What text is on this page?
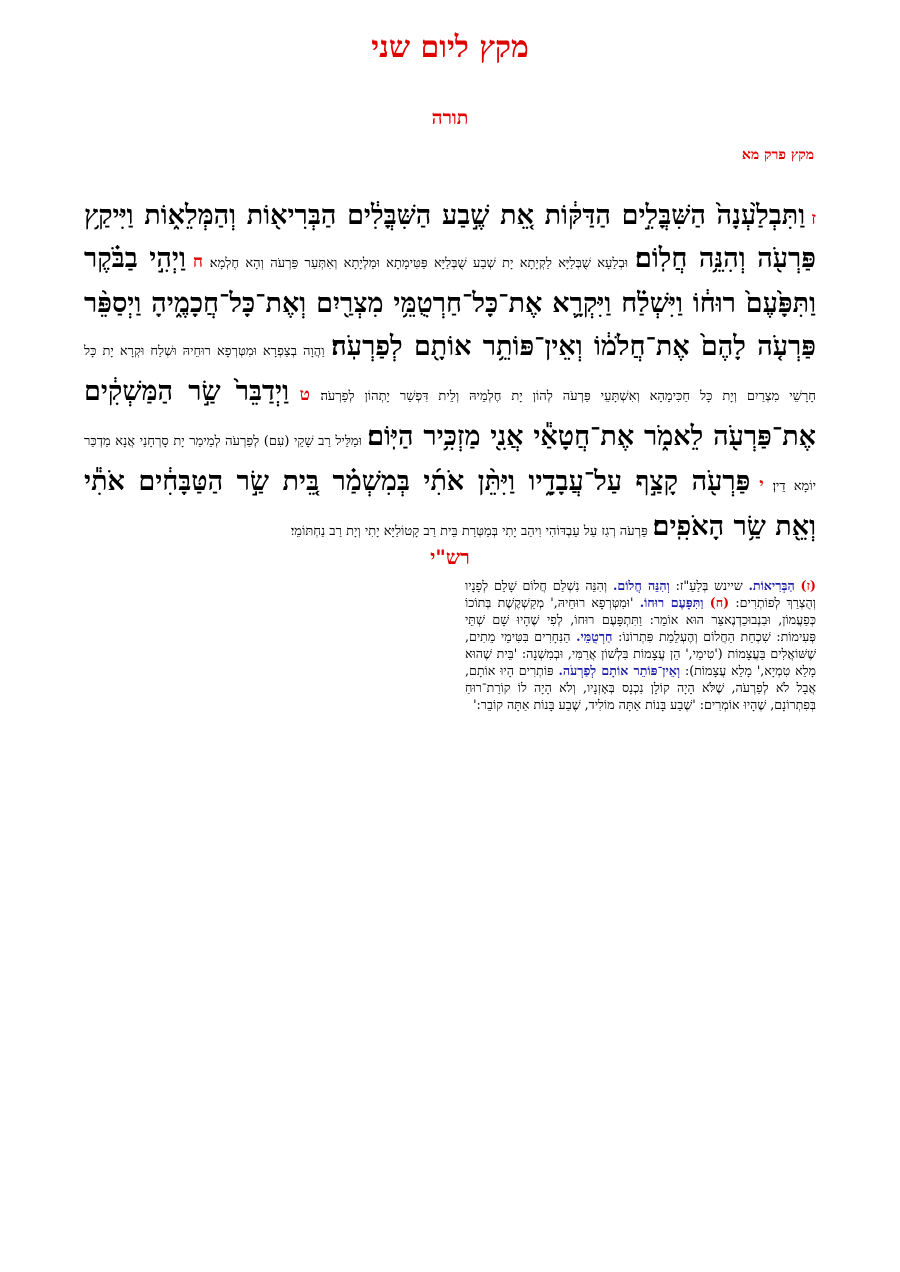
מקץ ליום שני
תורה
מקץ פרק מא
ז וַתִּבְלַ֙עְנָה֙ הַשִּׁבֳּלִ֣ים הַדַּקּ֔וֹת אֵ֚ת שֶׁ֣בַע הַשִּׁבֳּלִ֔ים הַבְּרִיא֖וֹת וְהַמְּלֵא֑וֹת וַיִּיקַ֥ץ פַּרְעֹ֖ה וְהִנֵּ֥ה חֲלֽוֹם׃ וּבְלַעָא שֻׁבְּלַיָּא לַקְיָתָא יָת שְׁבַע שֻׁבְּלַיָּא פַּטִּימָתָא וּמַלְיָתָא וְאִתְּעַר פַּרְעֹה וְהָא חֶלְמָא׃ ח וַיְהִ֣י בַבֹּ֗קֶר וַתִּפָּ֙עֶם֙ רוּח֔וֹ וַיִּשְׁלַ֗ח וַיִּקְרָ֛א אֶת־כָּל־חַרְטֻמֵּ֥י מִצְרַ֖יִם וְאֶת־כָּל־חֲכָמֶ֑יהָ וַיְסַפֵּ֨ר פַּרְעֹ֤ה לָהֶם֙ אֶת־חֲלֹמ֔וֹ וְאֵין־פּוֹתֵ֥ר אוֹתָ֖ם לְפַרְעֹֽה׃ וַהֲוָה בְצַפְרָא וּמִטְּרְפָא רוּחֵיהּ וּשְׁלַח וּקְרָא יָת כָּל חָרָשֵׁי מִצְרַיִם וְיָת כָּל חַכִּימָהָא וְאִשְׁתָּעֵי פַּרְעֹה לְהוֹן יָת חֶלְמֵיהּ וְלֵית דִּפְשַׁר יָתְהוֹן לְפַרְעֹה׃ ט וַיְדַבֵּר֙ שַׂ֣ר הַמַּשְׁקִ֔ים אֶת־פַּרְעֹ֖ה לֵאמֹ֑ר אֶת־חֲטָאַ֕י אֲנִ֖י מַזְכִּ֥יר הַיּֽוֹם׃ וּמַלֵּיל רַב שָׁקֵי (עִם) לְפַרְעֹה לְמֵימַר יָת סָרְחָנַי אֲנָא מַדְכַּר יוֹמָא דֵין׃ י פַּרְעֹ֖ה קָצַ֣ף עַל־עֲבָדָ֑יו וַיִּתֵּ֨ן אֹתִ֜י בְּמִשְׁמַ֗ר בֵּ֚ית שַׂ֣ר הַטַּבָּחִ֔ים אֹתִ֕י וְאֵ֖ת שַׂ֥ר הָאֹפִֽים׃ פַּרְעֹה רְגִז עַל עַבְדּוֹהִי וִיהַב יָתִי בְּמַטְּרַת בֵּית רַב קָטוֹלַיָּא יָתִי וְיָת רַב נַחְתּוֹמֵי׃
רש"י
(ז) הַבְּרִיאוֹת. שיינש בְּלַעַ"ז: וְהִנֵּה חֲלוֹם. וְהִנֵּה נִשְׁלַם חֲלוֹם שָׁלֵם לְפָנָיו וְהֻצְרַךְ לְפוֹתְרִים: (ח) וַתִּפָּעֶם רוּחוֹ. 'וּמִטְּרְפָא רוּחֵיהּ,' מְקַשְׁקֶשֶׁת בְּתוֹכוֹ כְּפַעֲמוֹן, וּבִנְבוּכַדְנֶאצַּר הוּא אוֹמֵר: וַתִּתְפָּעֶם רוּחוֹ, לְפִי שֶׁהָיוּ שָׁם שְׁתֵּי פְּעִימוֹת: שִׁכְחַת הַחֲלוֹם וְהֶעְלֵמַת פִּתְרוֹנוֹ: חַרְטֻמֵּי. הַנִּחָרִים בִּטִּימֵי מֵתִים, שֶׁשּׁוֹאֲלִים בַּעֲצָמוֹת ('טִימֵי,' הֵן עֲצָמוֹת בִּלְשׁוֹן אֲרַמִּי, וּבְמִשְׁנָה: 'בֵּית שֶׁהוּא מָלֵא טִמְיָא,' מָלֵא עֲצָמוֹת): וְאֵין־פּוֹתֵר אוֹתָם לְפַרְעֹה. פּוֹתְרִים הָיוּ אוֹתָם, אֲבָל לֹא לְפַרְעֹה, שֶׁלֹּא הָיָה קוֹלָן נִכְנָס בְּאָזְנָיו, וְלֹא הָיָה לוֹ קוֹרַת־רוּחַ בְּפִתְרוֹנָם, שֶׁהָיוּ אוֹמְרִים: 'שֶׁבַע בָּנוֹת אַתָּה מוֹלִיד, שֶׁבַע בָּנוֹת אַתָּה קוֹבֵר:'
